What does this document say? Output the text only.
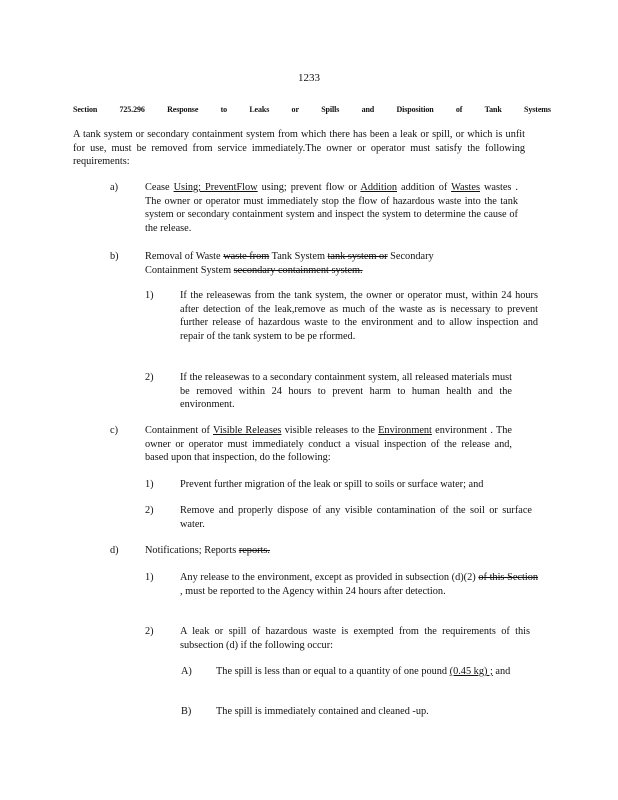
1233
Section	725.296	Response	to	Leaks	or	Spills	and	Disposition	of	Tank	Systems

A tank system or secondary containment system from which there has been a leak or spill, or which is unfit for use, must be removed from service immediately.The owner or operator must satisfy the following requirements:

a)	Cease Using; PreventFlow using; prevent flow or Addition addition of Wastes wastes . The owner or operator must immediately stop the flow of hazardous waste into the tank system or secondary containment system and inspect the system to determine the cause of the release.

b)	Removal of Waste waste from Tank System tank system or Secondary Containment System secondary containment system.

1)	If the releasewas from the tank system, the owner or operator must, within 24 hours after detection of the leak,remove as much of the waste as is necessary to prevent further release of hazardous waste to the environment and to allow inspection and repair of the tank system to be pe rformed.

2)	If the releasewas to a secondary containment system, all released materials must be removed within 24 hours to prevent harm to human health and the environment.

c)	Containment of Visible Releases visible releases to the Environment environment . The owner or operator must immediately conduct a visual inspection of the release and, based upon that inspection, do the following:

1)	Prevent further migration of the leak or spill to soils or surface water; and

2)	Remove and properly dispose of any visible contamination of the soil or surface water.

d)	Notifications; Reports reports.

1)	Any release to the environment, except as provided in subsection (d)(2) of this Section , must be reported to the Agency within 24 hours after detection.

2)	A leak or spill of hazardous waste is exempted from the requirements of this subsection (d) if the following occur:

A) The spill is less than or equal to a quantity of one pound (0.45 kg) ; and

B) The spill is immediately contained and cleaned -up.
